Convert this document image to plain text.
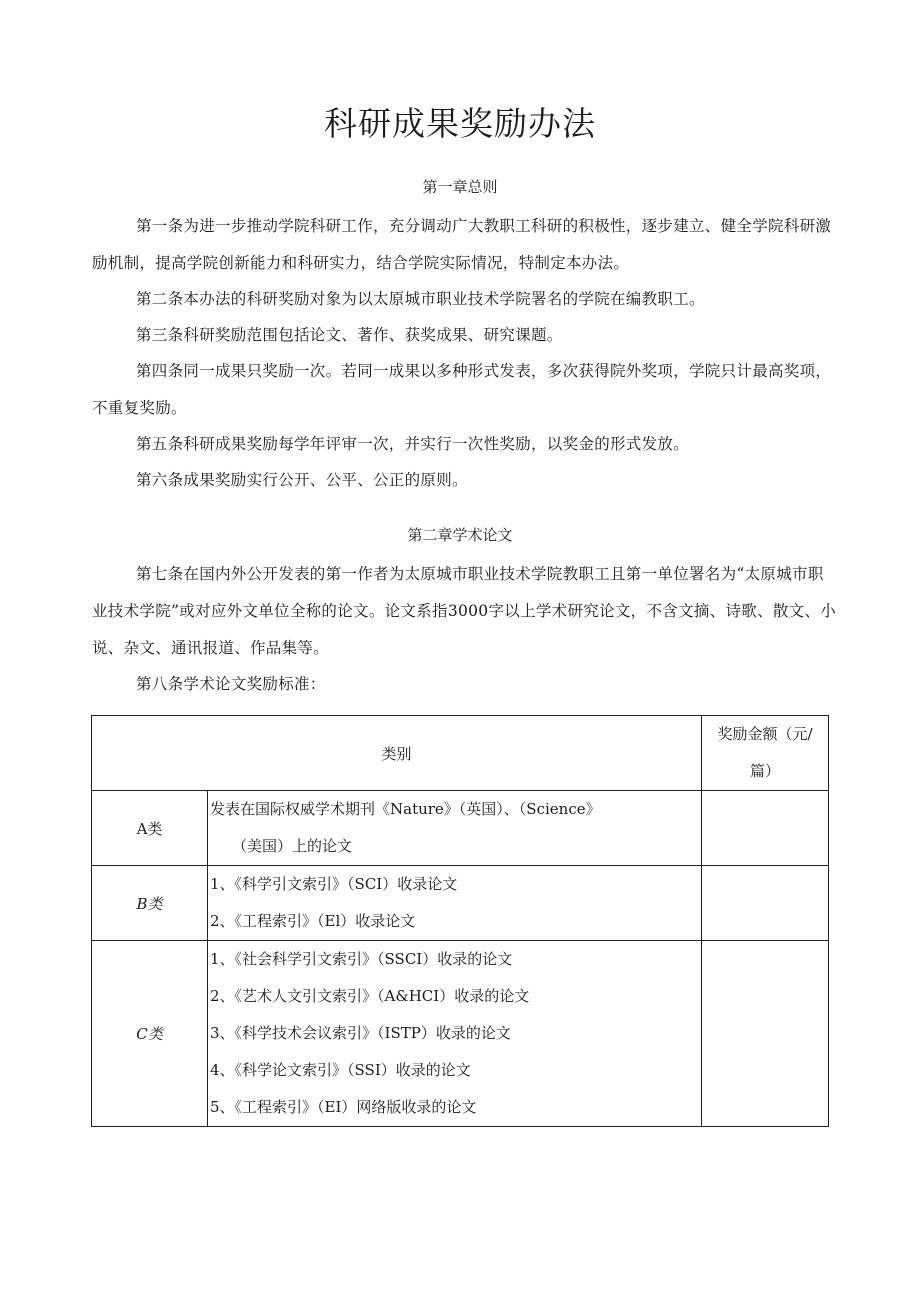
科研成果奖励办法
第一章总则

第一条为进一步推动学院科研工作，充分调动广大教职工科研的积极性，逐步建立、健全学院科研激励机制，提高学院创新能力和科研实力，结合学院实际情况，特制定本办法。

第二条本办法的科研奖励对象为以太原城市职业技术学院署名的学院在编教职工。

第三条科研奖励范围包括论文、著作、获奖成果、研究课题。

第四条同一成果只奖励一次。若同一成果以多种形式发表，多次获得院外奖项，学院只计最高奖项，不重复奖励。

第五条科研成果奖励每学年评审一次，并实行一次性奖励，以奖金的形式发放。

第六条成果奖励实行公开、公平、公正的原则。

第二章学术论文

第七条在国内外公开发表的第一作者为太原城市职业技术学院教职工且第一单位署名为“太原城市职业技术学院”或对应外文单位全称的论文。论文系指3000字以上学术研究论文，不含文摘、诗歌、散文、小说、杂文、通讯报道、作品集等。

第八条学术论文奖励标准：

类别		奖励金额（元/
篇）

A类	发表在国际权威学术期刊《Nature》（英国）、（Science》
（美国）上的论文	

B类	1、《科学引文索引》（SCI）收录论文
2、《工程索引》（El）收录论文	

C类	1、《社会科学引文索引》（SSCI）收录的论文
2、《艺术人文引文索引》（A&HCI）收录的论文
3、《科学技术会议索引》（ISTP）收录的论文
4、《科学论文索引》（SSI）收录的论文
5、《工程索引》（EI）网络版收录的论文	
